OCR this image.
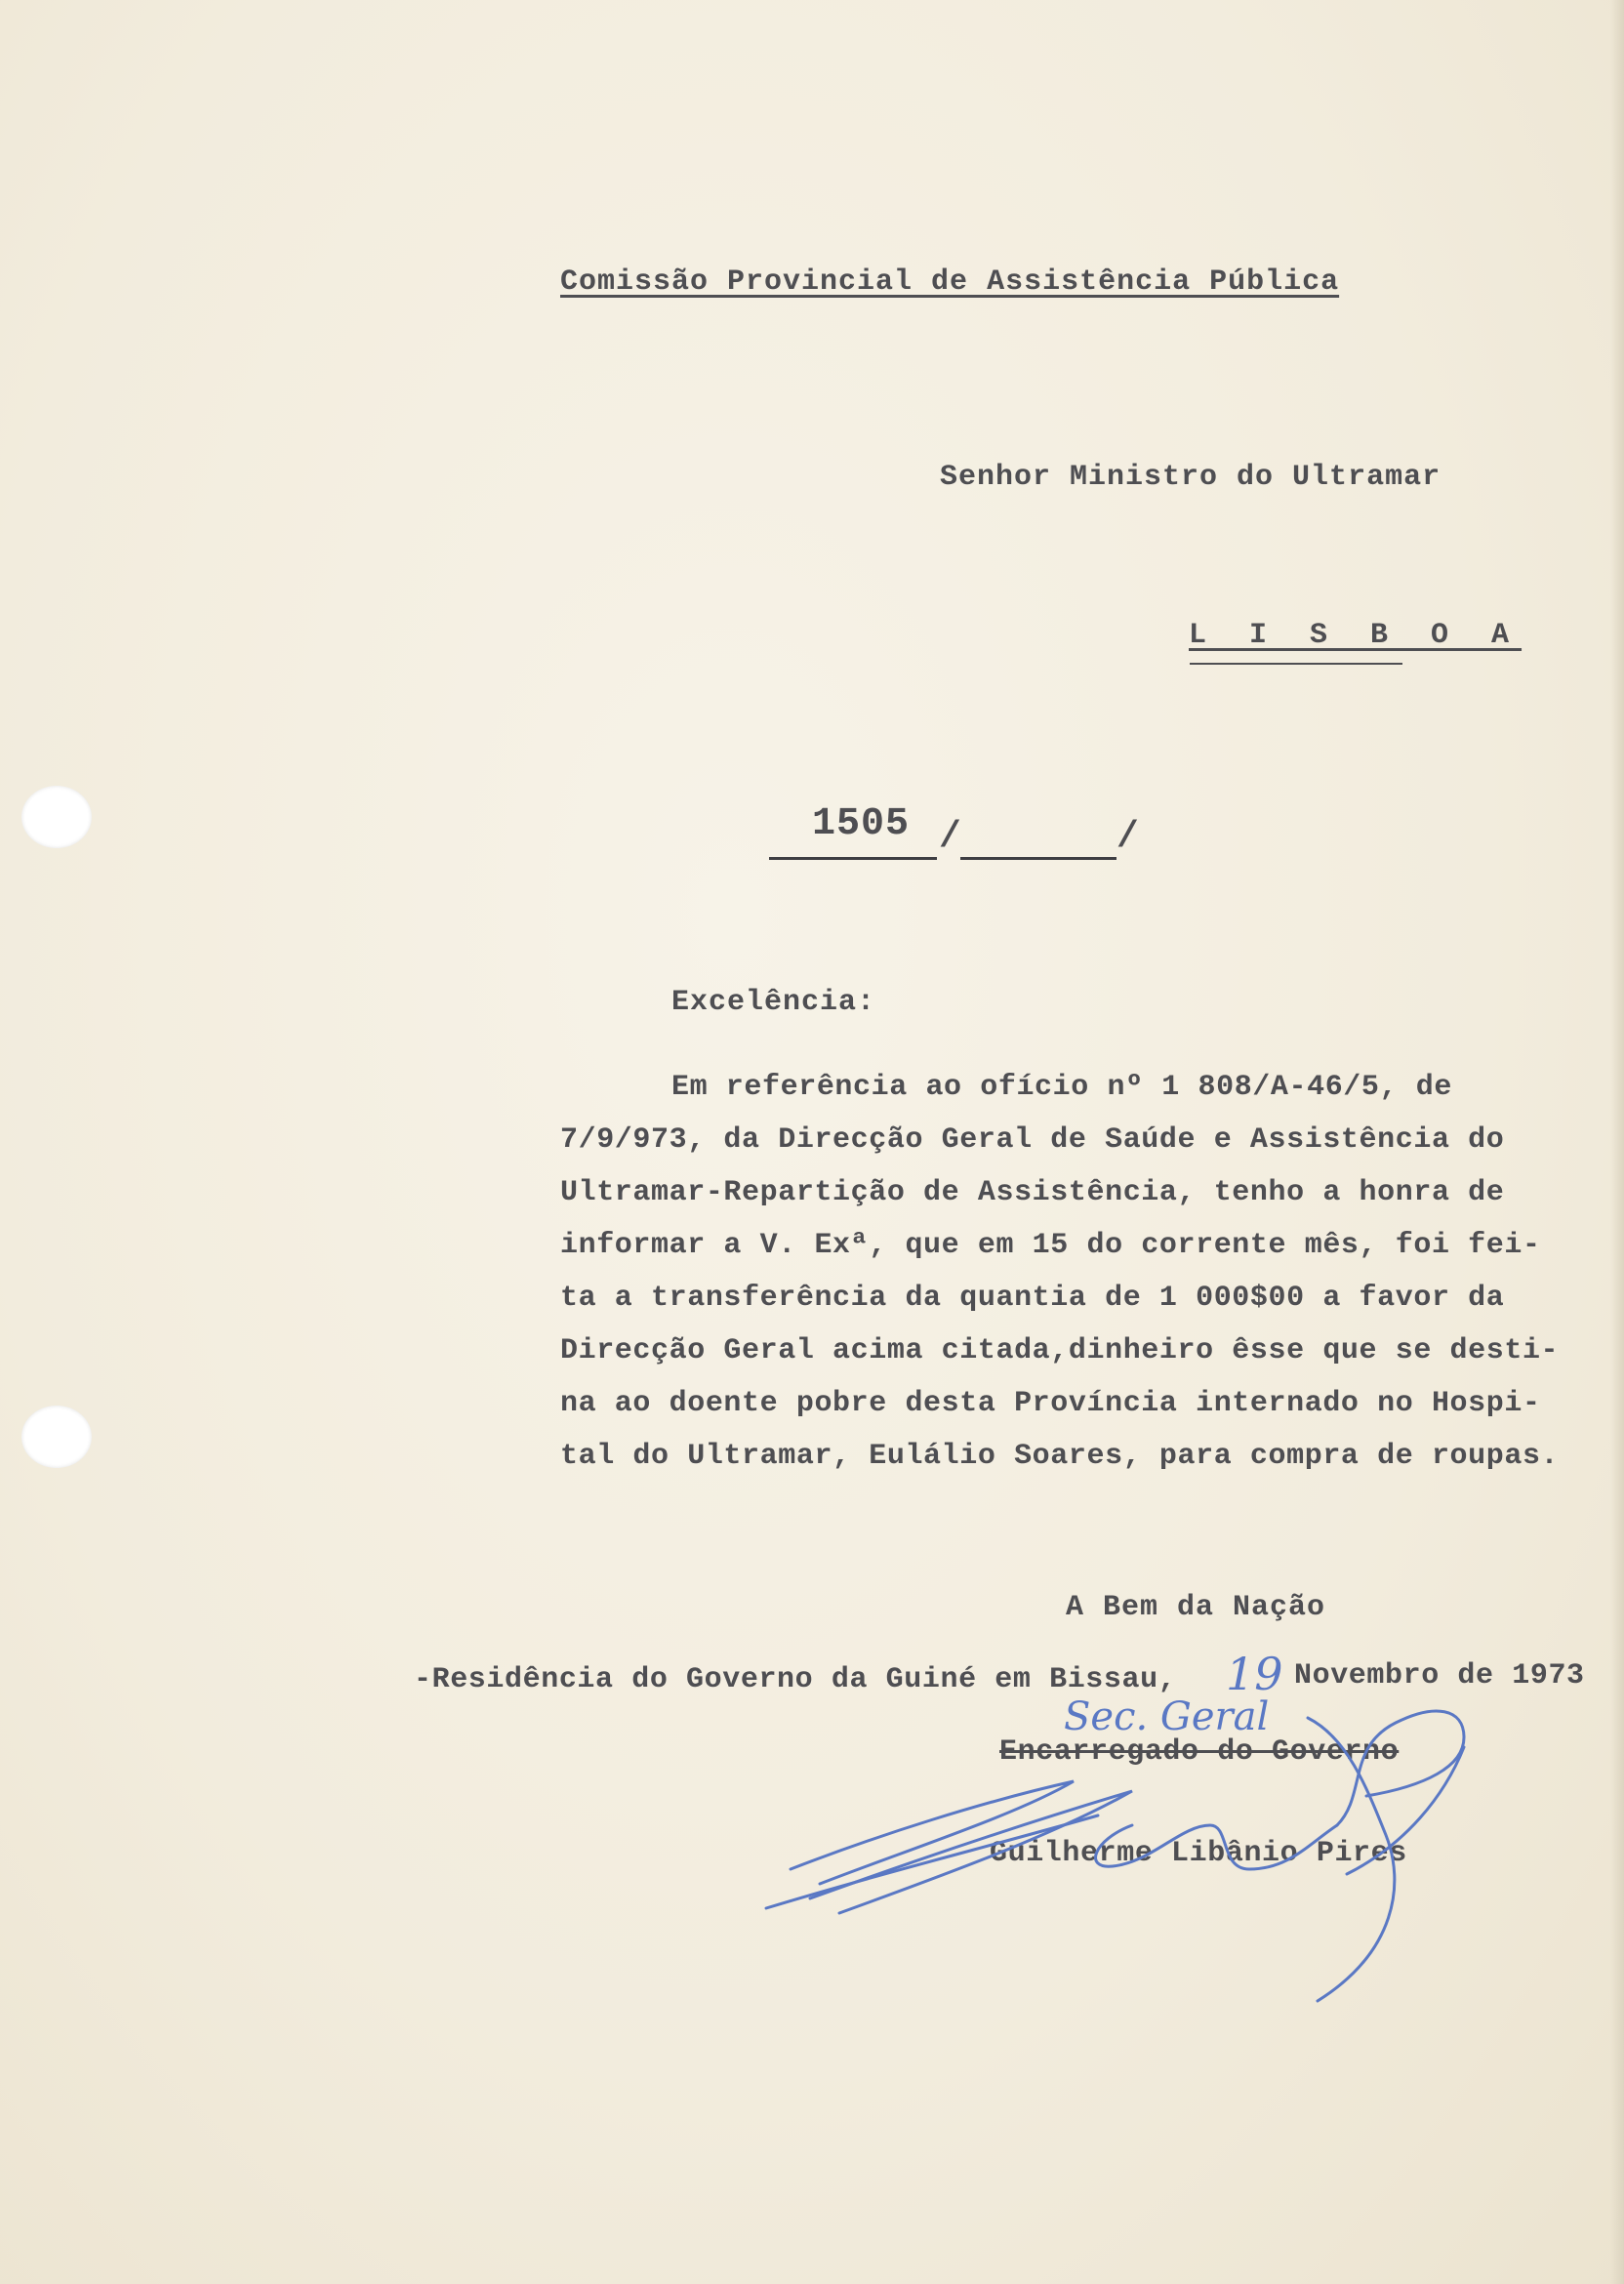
Comissão Provincial de Assistência Pública

Senhor Ministro do Ultramar

L I S B O A

1505 /	/

Excelência:

Em referência ao ofício nº 1 808/A-46/5, de

7/9/973, da Direcção Geral de Saúde e Assistência do

Ultramar-Repartição de Assistência, tenho a honra de

informar a V. Exª, que em 15 do corrente mês, foi fei-

ta a transferência da quantia de 1 000$00 a favor da

Direcção Geral acima citada,dinheiro êsse que se desti-

na ao doente pobre desta Província internado no Hospi-

tal do Ultramar, Eulálio Soares, para compra de roupas.

A Bem da Nação

-Residência do Governo da Guiné em Bissau, 19 Novembro de 1973

Sec. Geral

Encarregado do Governo

Guilherme Libânio Pires
